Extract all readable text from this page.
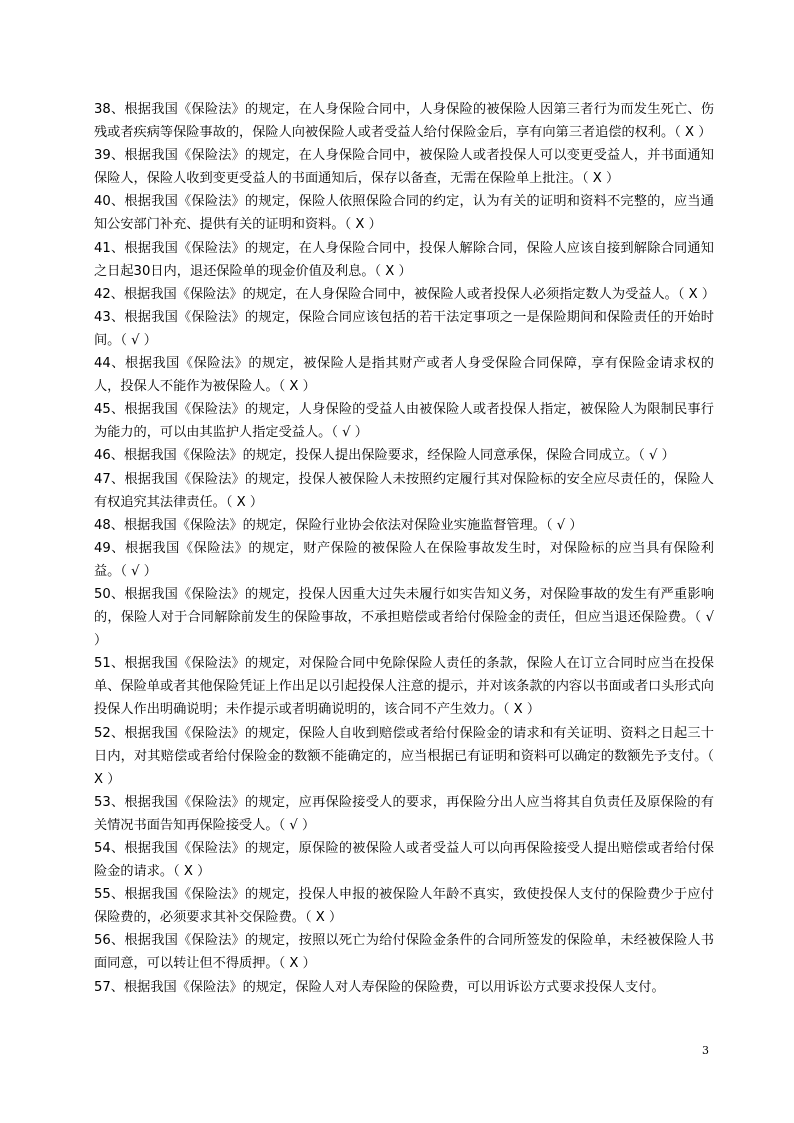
38、根据我国《保险法》的规定，在人身保险合同中，人身保险的被保险人因第三者行为而发生死亡、伤残或者疾病等保险事故的，保险人向被保险人或者受益人给付保险金后，享有向第三者追偿的权利。（ X ）

39、根据我国《保险法》的规定，在人身保险合同中，被保险人或者投保人可以变更受益人，并书面通知保险人，保险人收到变更受益人的书面通知后，保存以备查，无需在保险单上批注。（ X ）

40、根据我国《保险法》的规定，保险人依照保险合同的约定，认为有关的证明和资料不完整的，应当通知公安部门补充、提供有关的证明和资料。（ X ）

41、根据我国《保险法》的规定，在人身保险合同中，投保人解除合同，保险人应该自接到解除合同通知之日起30日内，退还保险单的现金价值及利息。（ X ）

42、根据我国《保险法》的规定，在人身保险合同中，被保险人或者投保人必须指定数人为受益人。（ X ）

43、根据我国《保险法》的规定，保险合同应该包括的若干法定事项之一是保险期间和保险责任的开始时间。（ √ ）

44、根据我国《保险法》的规定，被保险人是指其财产或者人身受保险合同保障，享有保险金请求权的人，投保人不能作为被保险人。（ X ）

45、根据我国《保险法》的规定，人身保险的受益人由被保险人或者投保人指定，被保险人为限制民事行为能力的，可以由其监护人指定受益人。（ √ ）

46、根据我国《保险法》的规定，投保人提出保险要求，经保险人同意承保，保险合同成立。（ √ ）

47、根据我国《保险法》的规定，投保人被保险人未按照约定履行其对保险标的安全应尽责任的，保险人有权追究其法律责任。（ X ）

48、根据我国《保险法》的规定，保险行业协会依法对保险业实施监督管理。（ √ ）

49、根据我国《保险法》的规定，财产保险的被保险人在保险事故发生时，对保险标的应当具有保险利益。（ √ ）

50、根据我国《保险法》的规定，投保人因重大过失未履行如实告知义务，对保险事故的发生有严重影响的，保险人对于合同解除前发生的保险事故，不承担赔偿或者给付保险金的责任，但应当退还保险费。（ √ ）

51、根据我国《保险法》的规定，对保险合同中免除保险人责任的条款，保险人在订立合同时应当在投保单、保险单或者其他保险凭证上作出足以引起投保人注意的提示，并对该条款的内容以书面或者口头形式向投保人作出明确说明；未作提示或者明确说明的，该合同不产生效力。（ X ）

52、根据我国《保险法》的规定，保险人自收到赔偿或者给付保险金的请求和有关证明、资料之日起三十日内，对其赔偿或者给付保险金的数额不能确定的，应当根据已有证明和资料可以确定的数额先予支付。（ X ）

53、根据我国《保险法》的规定，应再保险接受人的要求，再保险分出人应当将其自负责任及原保险的有关情况书面告知再保险接受人。（ √ ）

54、根据我国《保险法》的规定，原保险的被保险人或者受益人可以向再保险接受人提出赔偿或者给付保险金的请求。（ X ）

55、根据我国《保险法》的规定，投保人申报的被保险人年龄不真实，致使投保人支付的保险费少于应付保险费的，必须要求其补交保险费。（ X ）

56、根据我国《保险法》的规定，按照以死亡为给付保险金条件的合同所签发的保险单，未经被保险人书面同意，可以转让但不得质押。（ X ）

57、根据我国《保险法》的规定，保险人对人寿保险的保险费，可以用诉讼方式要求投保人支付。

3
